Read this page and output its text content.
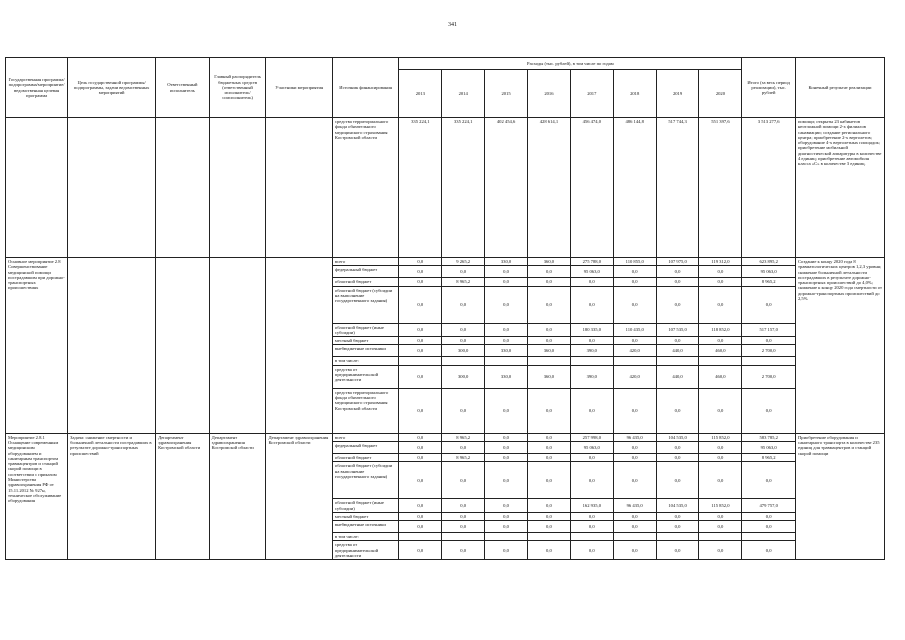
341
Государственная программа/подпрограмма/мероприятие/ведомственная целевая программа	Цель государственной программы/подпрограммы, задачи ведомственных мероприятий	Ответственный исполнитель	Главный распорядитель бюджетных средств (ответственный исполнитель/соисполнитель)	Участники мероприятия	Источник финансирования	Расходы (тыс. рублей), в том числе по годам								Итого (за весь период реализации), тыс. рублей	Конечный результат реализации
						2013	2014	2015	2016	2017	2018	2019	2020		
					средства территориального фонда обязательного медицинского страхования Костромской области	335 224,1	335 224,1	402 454,6	428 614,1	456 474,0	486 144,8	517 744,3	551 397,6	3 513 277,6	помощи; открыты 23 кабинетов неотложной помощи 2-х филиалов санавиации; создание регионального центра; приобретение 2-х вертолетов; оборудование 4-х вертолетных площадок; приобретение мобильной диагностической аппаратуры в количестве 4 единиц; приобретение автомобиля класса «С» в количестве 3 единиц.
Основное мероприятие 2.8 Совершенствование медицинской помощи пострадавшим при дорожно-транспортных происшествиях					всего	0,0	9 265,2	330,0	360,0	275 788,0	110 855,0	107 975,0	119 312,0	623 895,2	Создание к концу 2020 года 8 травматологических центров 1,2,3 уровня; снижение больничной летальности пострадавших в результате дорожно-транспортных происшествий до 4,0%; снижение к концу 2020 года смертности от дорожно-транспортных происшествий до 2,5%
					федеральный бюджет	0,0	0,0	0,0	0,0	95 063,0	0,0	0,0	0,0	95 063,0	
					областной бюджет	0,0	8 965,2	0,0	0,0	0,0	0,0	0,0	0,0	8 965,2	
					областной бюджет (субсидии на выполнение государственного задания)	0,0	0,0	0,0	0,0	0,0	0,0	0,0	0,0	0,0	
					областной бюджет (иные субсидии)	0,0	0,0	0,0	0,0	180 335,0	110 435,0	107 535,0	118 852,0	517 157,0	
					местный бюджет	0,0	0,0	0,0	0,0	0,0	0,0	0,0	0,0	0,0	
					внебюджетные источники	0,0	300,0	330,0	360,0	390,0	420,0	440,0	460,0	2 700,0	
					в том числе:										
					средства от предпринимательской деятельности	0,0	300,0	330,0	360,0	390,0	420,0	440,0	460,0	2 700,0	
					средства территориального фонда обязательного медицинского страхования Костромской области	0,0	0,0	0,0	0,0	0,0	0,0	0,0	0,0	0,0	
Мероприятие 2.8.1 Оснащение современным медицинским оборудованием и санитарным транспортом травмацентров и станций скорой помощи в соответствии с приказом Министерства здравоохранения РФ от 15.11.2012 № 927н, техническое обслуживание оборудования	Задача: снижение смертности и больничной летальности пострадавших в результате дорожно-транспортных происшествий	Департамент здравоохранения Костромской области	Департамент здравоохранения Костромской области	Департамент здравоохранения Костромской области	всего	0,0	8 965,2	0,0	0,0	257 998,0	96 435,0	104 535,0	115 852,0	583 785,2	Приобретение оборудования и санитарного транспорта в количестве 235 единиц для травмацентров и станций скорой помощи
					федеральный бюджет	0,0	0,0	0,0	0,0	95 063,0	0,0	0,0	0,0	95 063,0	
					областной бюджет	0,0	8 965,2	0,0	0,0	0,0	0,0	0,0	0,0	8 965,2	
					областной бюджет (субсидии на выполнение государственного задания)	0,0	0,0	0,0	0,0	0,0	0,0	0,0	0,0	0,0	
					областной бюджет (иные субсидии)	0,0	0,0	0,0	0,0	162 935,0	96 435,0	104 535,0	115 852,0	479 757,0	
					местный бюджет	0,0	0,0	0,0	0,0	0,0	0,0	0,0	0,0	0,0	
					внебюджетные источники	0,0	0,0	0,0	0,0	0,0	0,0	0,0	0,0	0,0	
					в том числе:										
					средства от предпринимательской деятельности	0,0	0,0	0,0	0,0	0,0	0,0	0,0	0,0	0,0	
